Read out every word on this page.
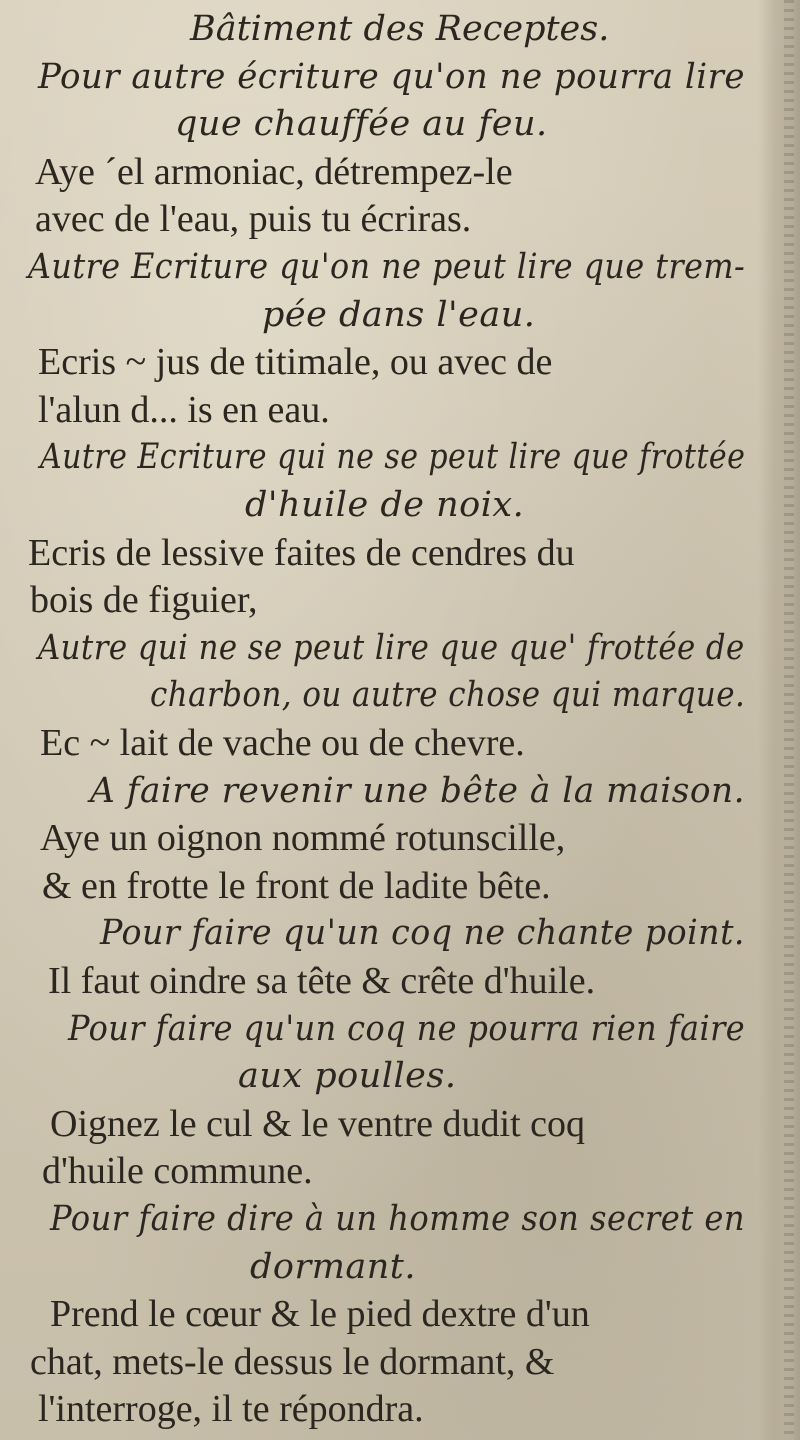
Bâtiment des Receptes.
Pour autre écriture qu'on ne pourra lire
que chauffée au feu.
Aye ´el armoniac, détrempez-le
avec de l'eau, puis tu écriras.
Autre Ecriture qu'on ne peut lire que trem-
pée dans l'eau.
Ecris ~ jus de titimale, ou avec de
l'alun d... is en eau.
Autre Ecriture qui ne se peut lire que frottée
d'huile de noix.
Ecris de lessive faites de cendres du
bois de figuier,
Autre qui ne se peut lire que que' frottée de
charbon, ou autre chose qui marque.
Ec ~ lait de vache ou de chevre.
A faire revenir une bête à la maison.
Aye un oignon nommé rotunscille,
& en frotte le front de ladite bête.
Pour faire qu'un coq ne chante point.
Il faut oindre sa tête & crête d'huile.
Pour faire qu'un coq ne pourra rien faire
aux poulles.
Oignez le cul & le ventre dudit coq
d'huile commune.
Pour faire dire à un homme son secret en
dormant.
Prend le cœur & le pied dextre d'un
chat, mets-le dessus le dormant, &
l'interroge, il te répondra.
